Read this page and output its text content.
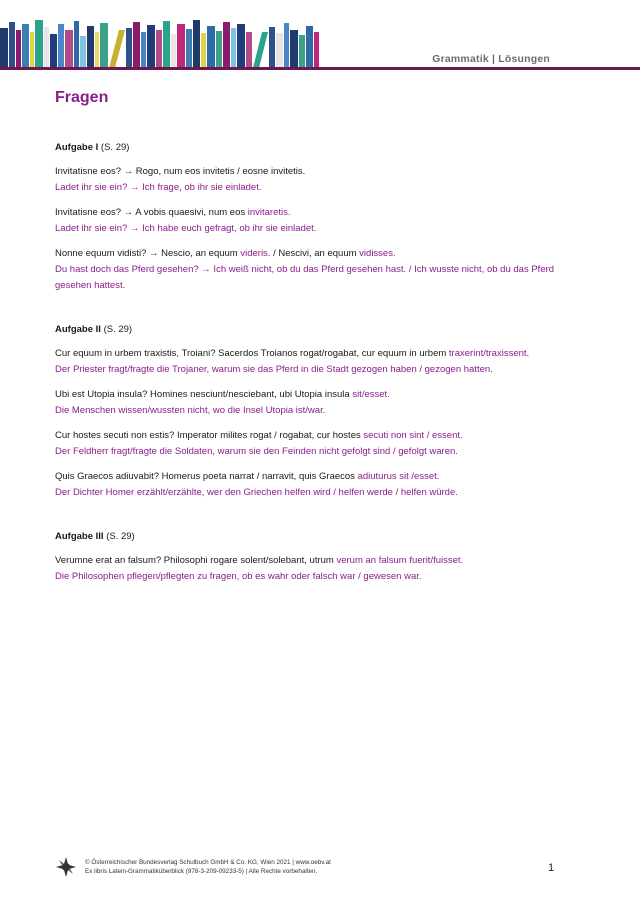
Grammatik | Lösungen
Fragen
Aufgabe I (S. 29)
Invitatisne eos? → Rogo, num eos invitetis / eosne invitetis.
Ladet ihr sie ein? → Ich frage, ob ihr sie einladet.
Invitatisne eos? → A vobis quaesivi, num eos invitaretis.
Ladet ihr sie ein? → Ich habe euch gefragt, ob ihr sie einladet.
Nonne equum vidisti? → Nescio, an equum videris. / Nescivi, an equum vidisses.
Du hast doch das Pferd gesehen? → Ich weiß nicht, ob du das Pferd gesehen hast. / Ich wusste nicht, ob du das Pferd gesehen hattest.
Aufgabe II (S. 29)
Cur equum in urbem traxistis, Troiani? Sacerdos Troianos rogat/rogabat, cur equum in urbem traxerint/traxissent.
Der Priester fragt/fragte die Trojaner, warum sie das Pferd in die Stadt gezogen haben / gezogen hatten.
Ubi est Utopia insula? Homines nesciunt/nesciebant, ubi Utopia insula sit/esset.
Die Menschen wissen/wussten nicht, wo die Insel Utopia ist/war.
Cur hostes secuti non estis? Imperator milites rogat / rogabat, cur hostes secuti non sint / essent.
Der Feldherr fragt/fragte die Soldaten, warum sie den Feinden nicht gefolgt sind / gefolgt waren.
Quis Graecos adiuvabit? Homerus poeta narrat / narravit, quis Graecos adiuturus sit /esset.
Der Dichter Homer erzählt/erzählte, wer den Griechen helfen wird / helfen werde / helfen würde.
Aufgabe III (S. 29)
Verumne erat an falsum? Philosophi rogare solent/solebant, utrum verum an falsum fuerit/fuisset.
Die Philosophen pflegen/pflegten zu fragen, ob es wahr oder falsch war / gewesen war.
© Österreichischer Bundesverlag Schulbuch GmbH & Co. KG, Wien 2021 | www.oebv.at
Ex libris Latein-Grammatiküberblick (978-3-209-09233-5) | Alle Rechte vorbehalten.	1
